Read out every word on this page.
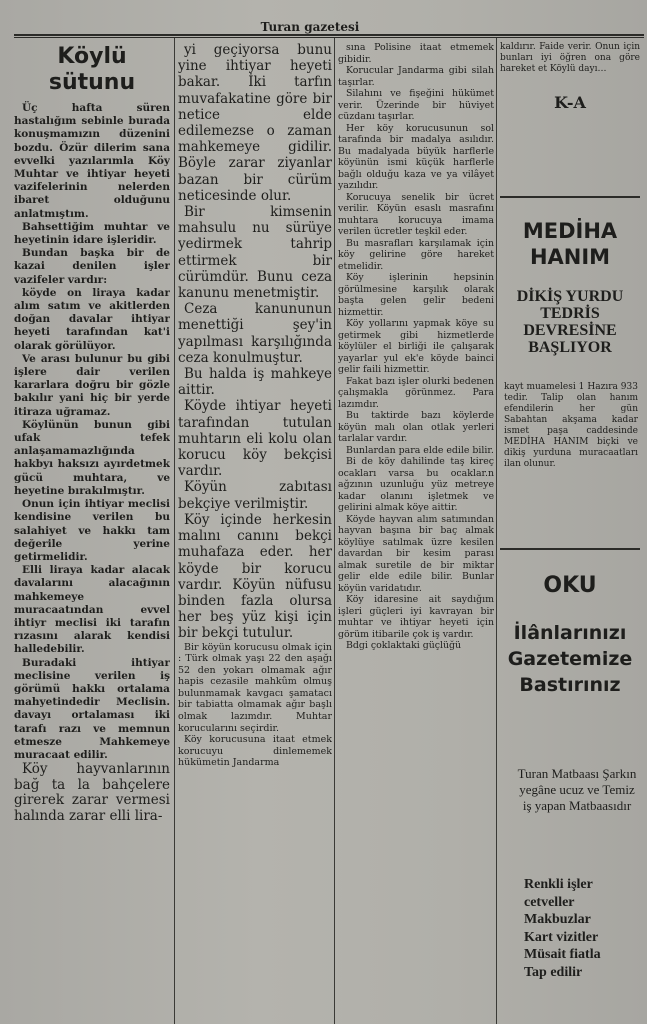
Turan gazetesi
Köylü sütunu

Üç hafta süren hastalığım sebinle burada konuşmamızın düzenini bozdu. Özür dilerim sana evvelki yazılarımla Köy Muhtar ve ihtiyar heyeti vazifelerinin nelerden ibaret olduğunu anlatmıştım.

Bahsettiğim muhtar ve heyetinin idare işleridir.

Bundan başka bir de kazai denilen işler vazifeler vardır:

köyde on liraya kadar alım satım ve akitlerden doğan davalar ihtiyar heyeti tarafından kat'i olarak görülüyor.

Ve arası bulunur bu gibi işlere dair verilen kararlara doğru bir gözle bakılır yani hiç bir yerde itiraza uğramaz.

Köylünün bunun gibi ufak tefek anlaşamamazlığında hakbyı haksızı ayırdetmek gücü muhtara, ve heyetine bırakılmıştır.

Onun için ihtiyar meclisi kendisine verilen bu salahiyet ve hakkı tam değerile yerine getirmelidir.

Elli liraya kadar alacak davalarını alacağının mahkemeye muracaatından evvel ihtiyr meclisi iki tarafın rızasını alarak kendisi halledebilir.

Buradaki ihtiyar meclisine verilen iş görümü hakkı ortalama mahyetindedir Meclisin. davayı ortalaması iki tarafı razı ve memnun etmesze Mahkemeye muracaat edilir.

Köy hayvanlarının bağ ta la bahçelere girerek zarar vermesi halında zarar elli lira-

yi geçiyorsa bunu yine ihtiyar heyeti bakar. İki tarfın muvafakatine göre bir netice elde edilemezse o zaman mahkemeye gidilir. Böyle zarar ziyanlar bazan bir cürüm neticesinde olur.

Bir kimsenin mahsulu nu sürüye yedirmek tahrip ettirmek bir cürümdür. Bunu ceza kanunu menetmiştir.

Ceza kanununun menettiği şey'in yapılması karşılığında ceza konulmuştur.

Bu halda iş mahkeye aittir.

Köyde ihtiyar heyeti tarafından tutulan muhtarın eli kolu olan korucu köy bekçisi vardır.

Köyün zabıtası bekçiye verilmiştir.

Köy içinde herkesin malını canını bekçi muhafaza eder. her köyde bir korucu vardır. Köyün nüfusu binden fazla olursa her beş yüz kişi için bir bekçi tutulur.

Bir köyün korucusu olmak için : Türk olmak yaşı 22 den aşağı 52 den yokarı olmamak ağır hapis cezasile mahkûm olmuş bulunmamak kavgacı şamatacı bir tabiatta olmamak ağır başlı olmak lazımdır. Muhtar korucularını seçirdir.

Köy korucusuna itaat etmek korucuyu dinlememek hükümetin Jandarma

sına Polisine itaat etmemek gibidir.

Korucular Jandarma gibi silah taşırlar.

Silahını ve fişeğini hükümet verir. Üzerinde bir hüviyet cüzdanı taşırlar.

Her köy korucusunun sol tarafında bir madalya asılıdır. Bu madalyada büyük harflerle köyünün ismi küçük harflerle bağlı olduğu kaza ve ya vilâyet yazılıdır.

Korucuya senelik bir ücret verilir. Köyün esaslı masrafını muhtara korucuya imama verilen ücretler teşkil eder.

Bu masrafları karşılamak için köy gelirine göre hareket etmelidir.

Köy işlerinin hepsinin görülmesine karşılık olarak başta gelen gelir bedeni hizmettir.

Köy yollarını yapmak köye su getirmek gibi hizmetlerde köylüler el birliği ile çalışarak yayarlar yul ek'e köyde bainci gelir faili hizmettir.

Fakat bazı işler olurki bedenen çalışmakla görünmez. Para lazımdır.

Bu taktirde bazı köylerde köyün malı olan otlak yerleri tarlalar vardır.

Bunlardan para elde edile bilir.

Bi de köy dahilinde taş kireç ocakları varsa bu ocaklar.n ağzının uzunluğu yüz metreye kadar olanını işletmek ve gelirini almak köye aittir.

Köyde hayvan alım satımından hayvan başına bir baç almak köylüye satılmak üzre kesilen davardan bir kesim parası almak suretile de bir miktar gelir elde edile bilir. Bunlar köyün varidatıdır.

Köy idaresine ait saydığım işleri güçleri iyi kavrayan bir muhtar ve ihtiyar heyeti için görüm itibarile çok iş vardır.

Bdgi çoklaktaki güçlüğü

kaldırır. Faide verir. Onun için bunları iyi öğren ona göre hareket et Köylü dayı…
K-A
MEDİHA HANIM
DİKİŞ YURDU TEDRİS DEVRESİNE BAŞLIYOR
kayt muamelesi 1 Hazıra 933 tedir. Talip olan hanım efendilerin her gün Sabahtan akşama kadar ismet paşa caddesinde MEDİHA HANIM biçki ve dikiş yurduna muracaatları ilan olunur.
OKU
İlânlarınızı Gazetemize Bastırınız
Turan Matbaası Şarkın yegâne ucuz ve Temiz iş yapan Matbaasıdır
Renkli işler
cetveller
Makbuzlar
Kart vizitler
Müsait fiatla
Tap edilir
